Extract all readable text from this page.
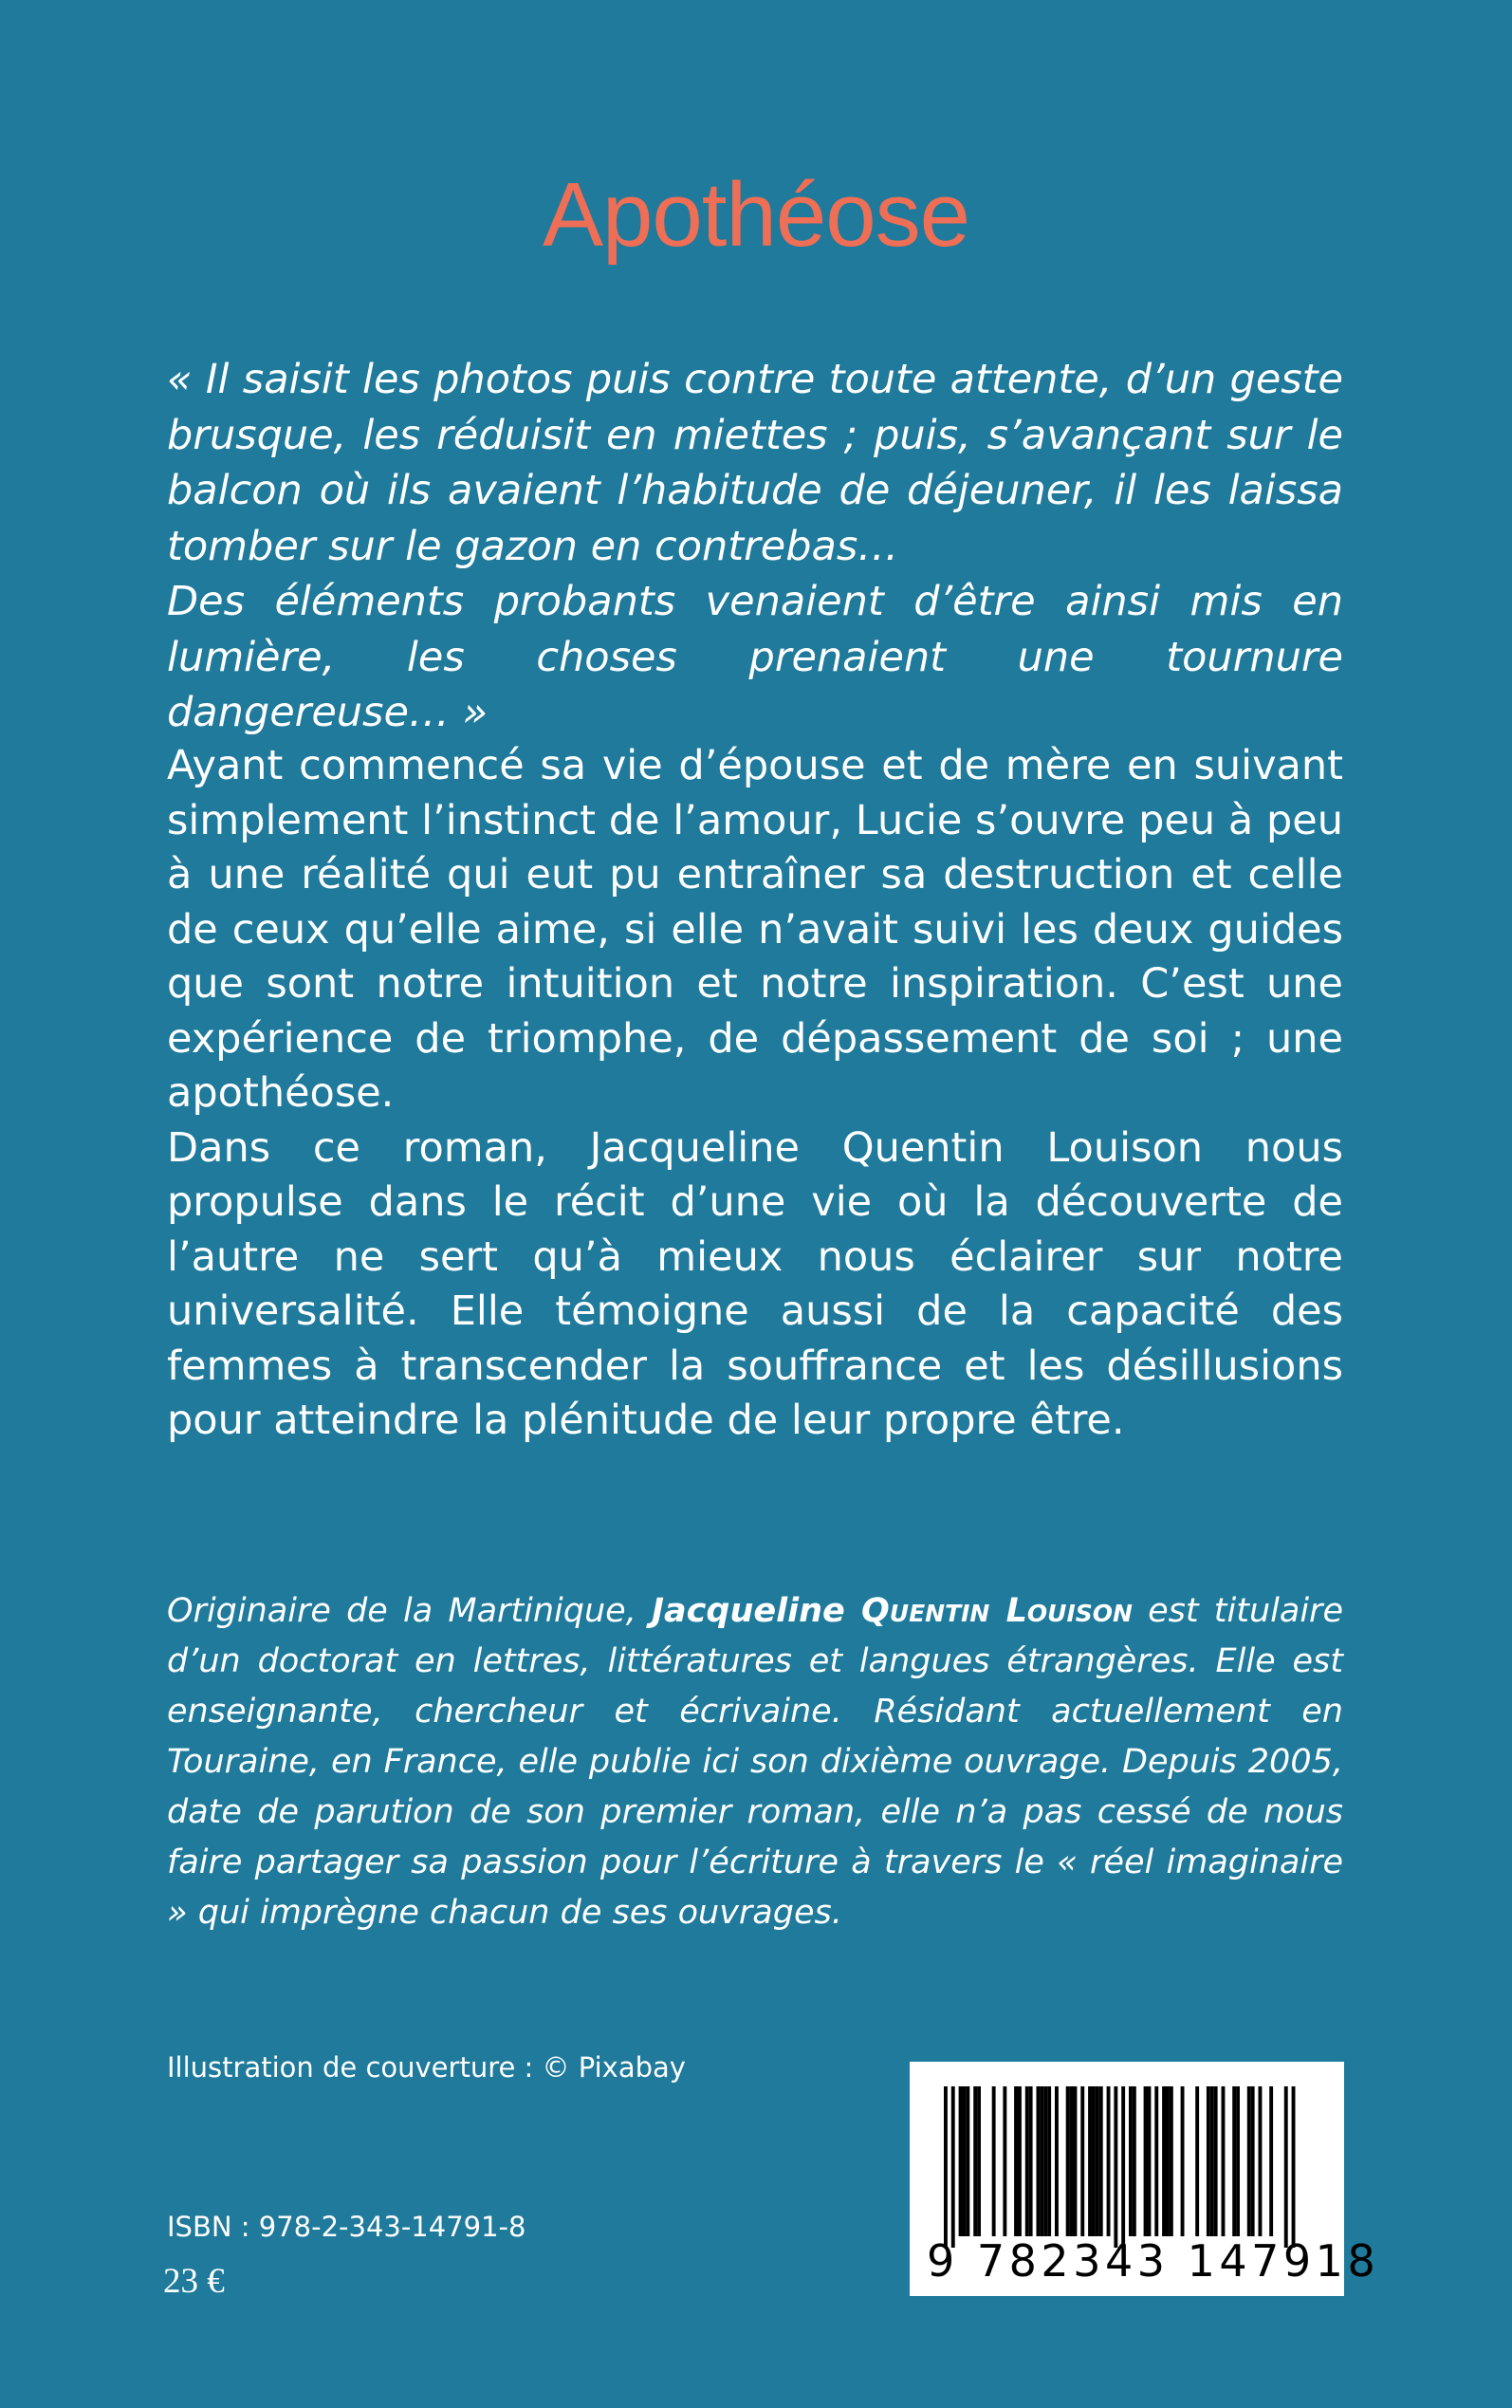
Apothéose

« Il saisit les photos puis contre toute attente, d’un geste brusque, les réduisit en miettes ; puis, s’avançant sur le balcon où ils avaient l’habitude de déjeuner, il les laissa tomber sur le gazon en contrebas…

Des éléments probants venaient d’être ainsi mis en lumière, les choses prenaient une tournure dangereuse… »

Ayant commencé sa vie d’épouse et de mère en suivant simplement l’instinct de l’amour, Lucie s’ouvre peu à peu à une réalité qui eut pu entraîner sa destruction et celle de ceux qu’elle aime, si elle n’avait suivi les deux guides que sont notre intuition et notre inspiration. C’est une expérience de triomphe, de dépassement de soi ; une apothéose.

Dans ce roman, Jacqueline Quentin Louison nous propulse dans le récit d’une vie où la découverte de l’autre ne sert qu’à mieux nous éclairer sur notre universalité. Elle témoigne aussi de la capacité des femmes à transcender la souffrance et les désillusions pour atteindre la plénitude de leur propre être.

Originaire de la Martinique, Jacqueline Quentin Louison est titulaire d’un doctorat en lettres, littératures et langues étrangères. Elle est enseignante, chercheur et écrivaine. Résidant actuellement en Touraine, en France, elle publie ici son dixième ouvrage. Depuis 2005, date de parution de son premier roman, elle n’a pas cessé de nous faire partager sa passion pour l’écriture à travers le « réel imaginaire » qui imprègne chacun de ses ouvrages.

Illustration de couverture : © Pixabay

ISBN : 978-2-343-14791-8

23 €	9 782343 147918
